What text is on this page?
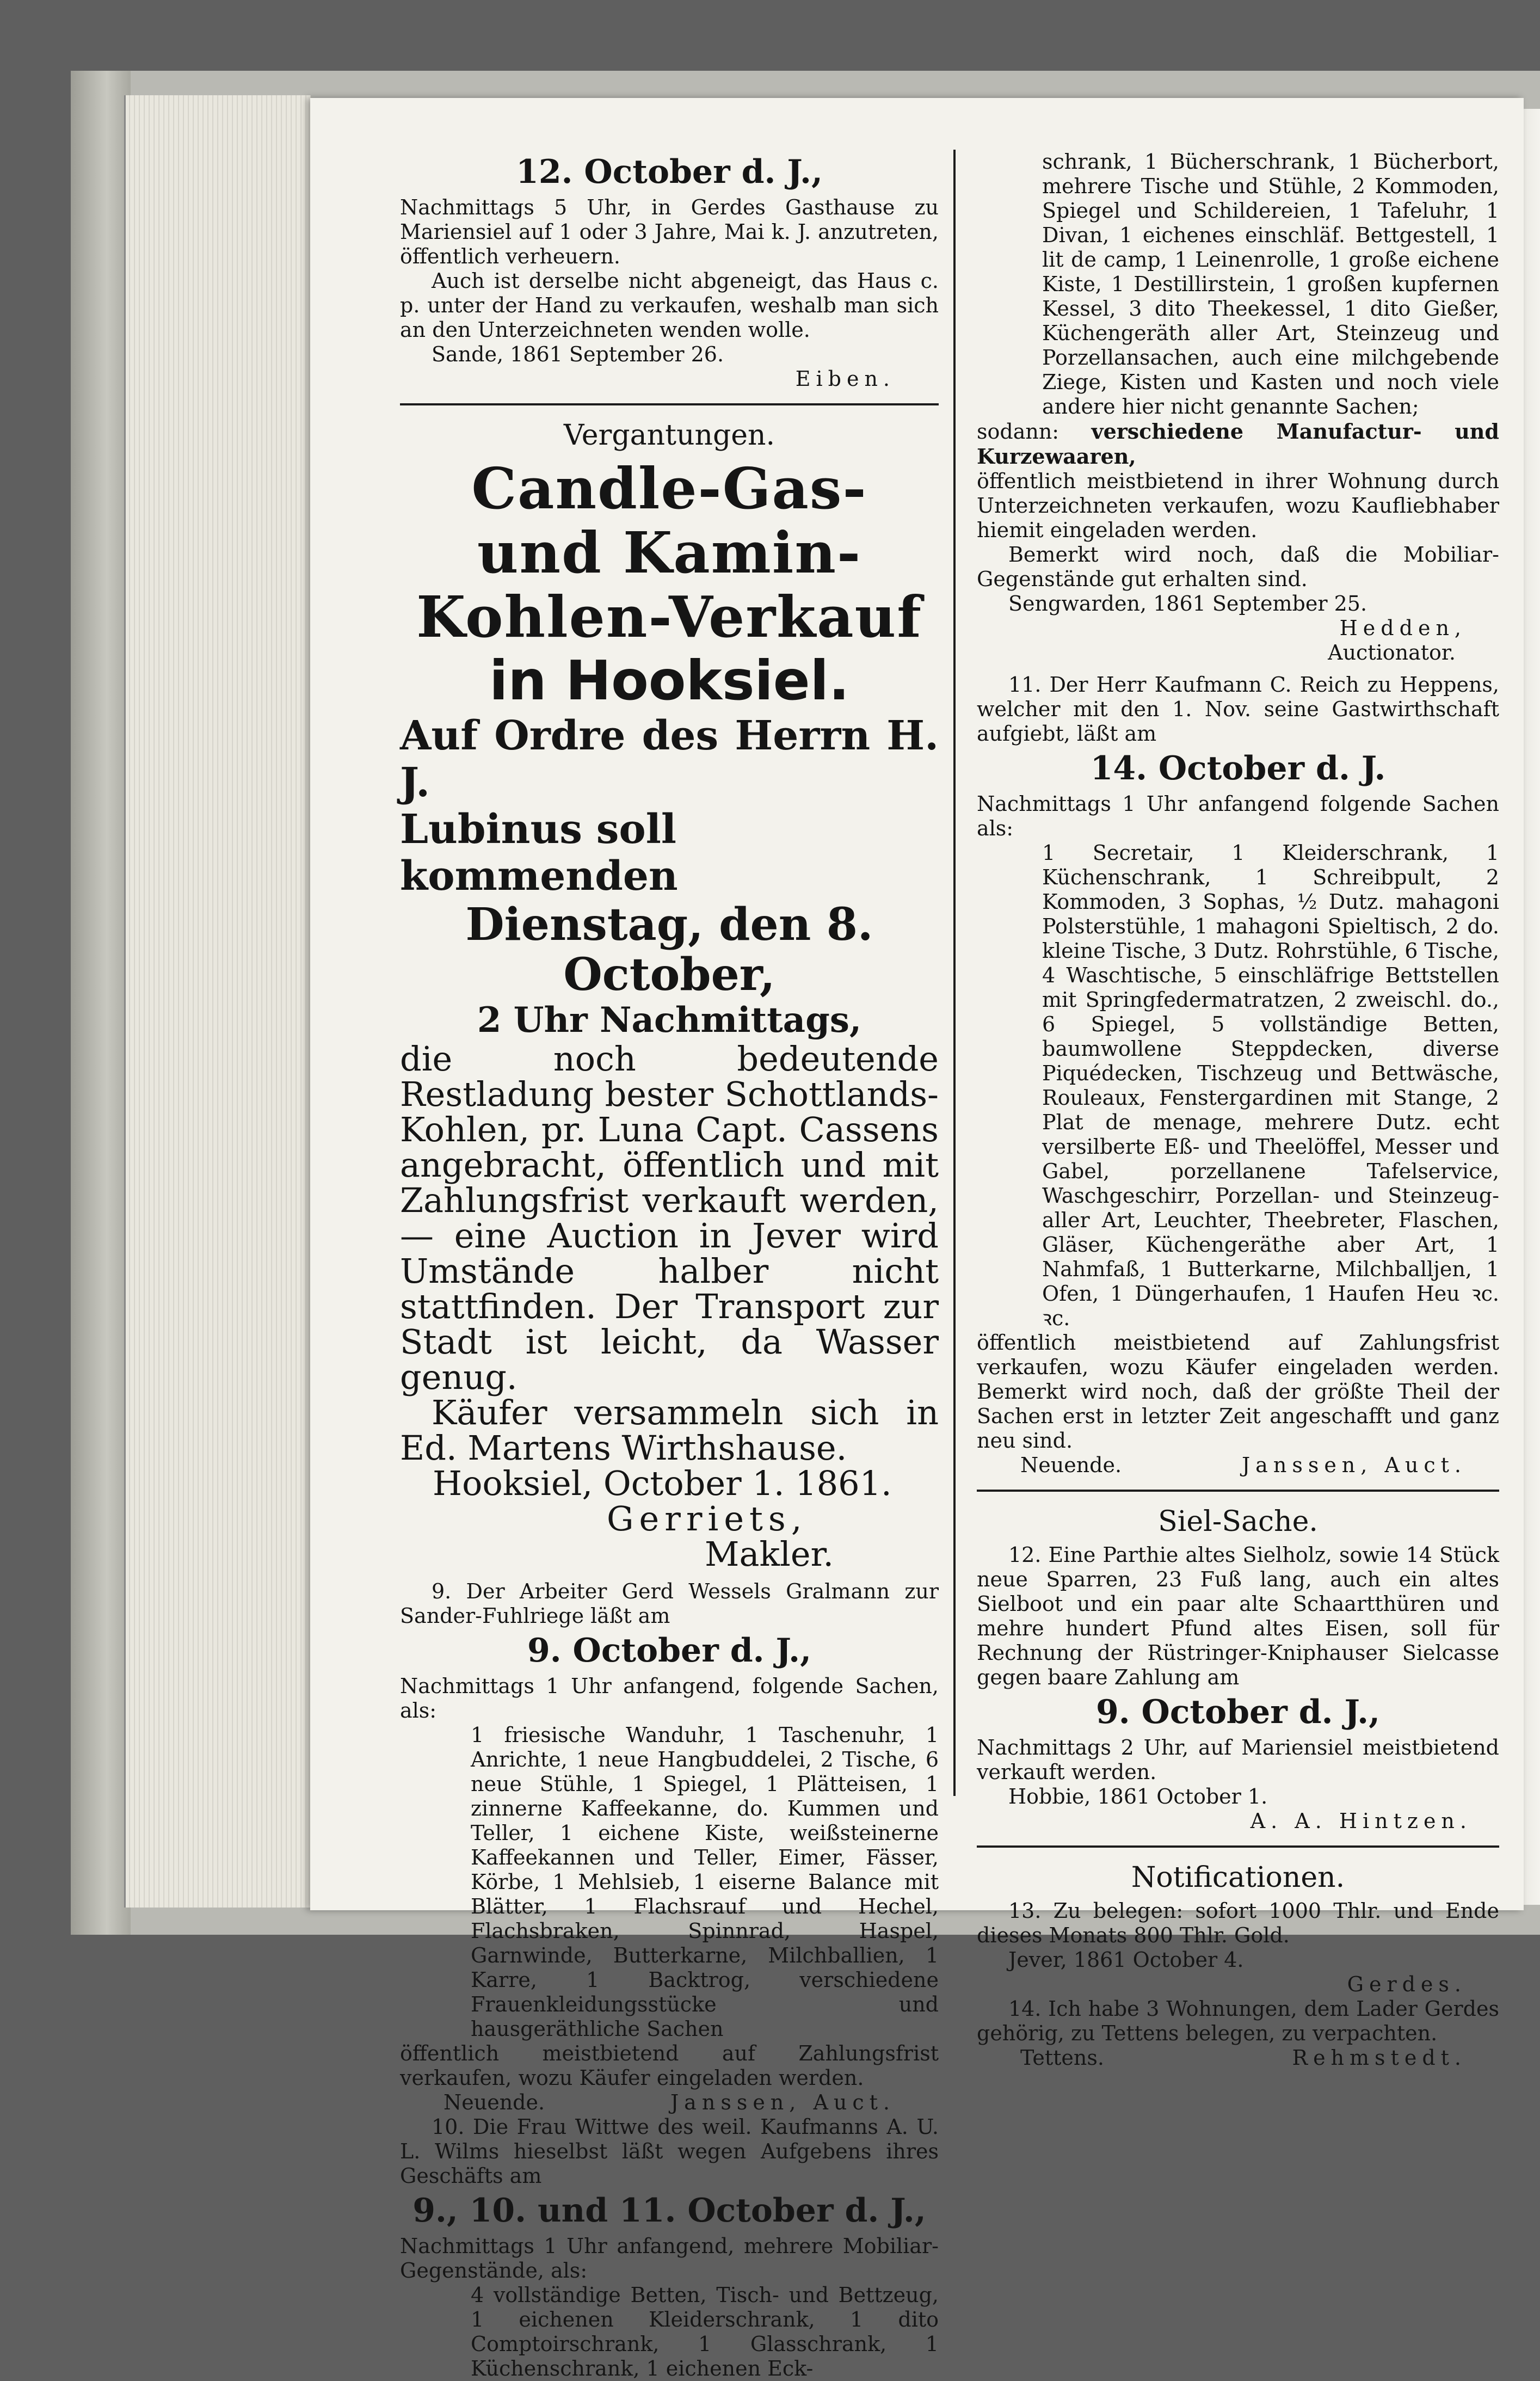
12. October d. J.,

Nachmittags 5 Uhr, in Gerdes Gasthause zu Mariensiel auf 1 oder 3 Jahre, Mai k. J. anzutreten, öffentlich verheuern.

Auch ist derselbe nicht abgeneigt, das Haus c. p. unter der Hand zu verkaufen, weshalb man sich an den Unterzeichneten wenden wolle.

Sande, 1861 September 26.

Eiben.

Vergantungen.
Candle-Gas- und Kamin-
Kohlen-Verkauf
in Hooksiel.
Auf Ordre des Herrn H. J.
Lubinus soll kommenden
Dienstag, den 8. October,
2 Uhr Nachmittags,

die noch bedeutende Restladung bester Schottlands-Kohlen, pr. Luna Capt. Cassens angebracht, öffentlich und mit Zahlungsfrist verkauft werden, — eine Auction in Jever wird Umstände halber nicht stattfinden. Der Transport zur Stadt ist leicht, da Wasser genug.

Käufer versammeln sich in Ed. Martens Wirthshause.

Hooksiel, October 1. 1861.

Gerriets,

Makler.

9. Der Arbeiter Gerd Wessels Gralmann zur Sander-Fuhlriege läßt am

9. October d. J.,

Nachmittags 1 Uhr anfangend, folgende Sachen, als:

1 friesische Wanduhr, 1 Taschenuhr, 1 Anrichte, 1 neue Hangbuddelei, 2 Tische, 6 neue Stühle, 1 Spiegel, 1 Plätteisen, 1 zinnerne Kaffeekanne, do. Kummen und Teller, 1 eichene Kiste, weißsteinerne Kaffeekannen und Teller, Eimer, Fässer, Körbe, 1 Mehlsieb, 1 eiserne Balance mit Blätter, 1 Flachsrauf und Hechel, Flachsbraken, Spinnrad, Haspel, Garnwinde, Butterkarne, Milchballien, 1 Karre, 1 Backtrog, verschiedene Frauenkleidungsstücke und hausgeräthliche Sachen

öffentlich meistbietend auf Zahlungsfrist verkaufen, wozu Käufer eingeladen werden.

Neuende.	Janssen, Auct.

10. Die Frau Wittwe des weil. Kaufmanns A. U. L. Wilms hieselbst läßt wegen Aufgebens ihres Geschäfts am

9., 10. und 11. October d. J.,

Nachmittags 1 Uhr anfangend, mehrere Mobiliar-Gegenstände, als:

4 vollständige Betten, Tisch- und Bettzeug, 1 eichenen Kleiderschrank, 1 dito Comptoirschrank, 1 Glasschrank, 1 Küchenschrank, 1 eichenen Eck-

schrank, 1 Bücherschrank, 1 Bücherbort, mehrere Tische und Stühle, 2 Kommoden, Spiegel und Schildereien, 1 Tafeluhr, 1 Divan, 1 eichenes einschläf. Bettgestell, 1 lit de camp, 1 Leinenrolle, 1 große eichene Kiste, 1 Destillirstein, 1 großen kupfernen Kessel, 3 dito Theekessel, 1 dito Gießer, Küchengeräth aller Art, Steinzeug und Porzellansachen, auch eine milchgebende Ziege, Kisten und Kasten und noch viele andere hier nicht genannte Sachen;

sodann: verschiedene Manufactur- und Kurzewaaren,

öffentlich meistbietend in ihrer Wohnung durch Unterzeichneten verkaufen, wozu Kaufliebhaber hiemit eingeladen werden.

Bemerkt wird noch, daß die Mobiliar-Gegenstände gut erhalten sind.

Sengwarden, 1861 September 25.

Hedden,

Auctionator.

11. Der Herr Kaufmann C. Reich zu Heppens, welcher mit den 1. Nov. seine Gastwirthschaft aufgiebt, läßt am

14. October d. J.

Nachmittags 1 Uhr anfangend folgende Sachen als:

1 Secretair, 1 Kleiderschrank, 1 Küchenschrank, 1 Schreibpult, 2 Kommoden, 3 Sophas, ½ Dutz. mahagoni Polsterstühle, 1 mahagoni Spieltisch, 2 do. kleine Tische, 3 Dutz. Rohrstühle, 6 Tische, 4 Waschtische, 5 einschläfrige Bettstellen mit Springfedermatratzen, 2 zweischl. do., 6 Spiegel, 5 vollständige Betten, baumwollene Steppdecken, diverse Piquédecken, Tischzeug und Bettwäsche, Rouleaux, Fenstergardinen mit Stange, 2 Plat de menage, mehrere Dutz. echt versilberte Eß- und Theelöffel, Messer und Gabel, porzellanene Tafelservice, Waschgeschirr, Porzellan- und Steinzeug- aller Art, Leuchter, Theebreter, Flaschen, Gläser, Küchengeräthe aber Art, 1 Nahmfaß, 1 Butterkarne, Milchballjen, 1 Ofen, 1 Düngerhaufen, 1 Haufen Heu ꝛc. ꝛc.

öffentlich meistbietend auf Zahlungsfrist verkaufen, wozu Käufer eingeladen werden. Bemerkt wird noch, daß der größte Theil der Sachen erst in letzter Zeit angeschafft und ganz neu sind.

Neuende.	Janssen, Auct.
Siel-Sache.

12. Eine Parthie altes Sielholz, sowie 14 Stück neue Sparren, 23 Fuß lang, auch ein altes Sielboot und ein paar alte Schaartthüren und mehre hundert Pfund altes Eisen, soll für Rechnung der Rüstringer-Kniphauser Sielcasse gegen baare Zahlung am

9. October d. J.,

Nachmittags 2 Uhr, auf Mariensiel meistbietend verkauft werden.

Hobbie, 1861 October 1.

A. A. Hintzen.

Notificationen.

13. Zu belegen: sofort 1000 Thlr. und Ende dieses Monats 800 Thlr. Gold.

Jever, 1861 October 4.

Gerdes.

14. Ich habe 3 Wohnungen, dem Lader Gerdes gehörig, zu Tettens belegen, zu verpachten.

Tettens.	Rehmstedt.
